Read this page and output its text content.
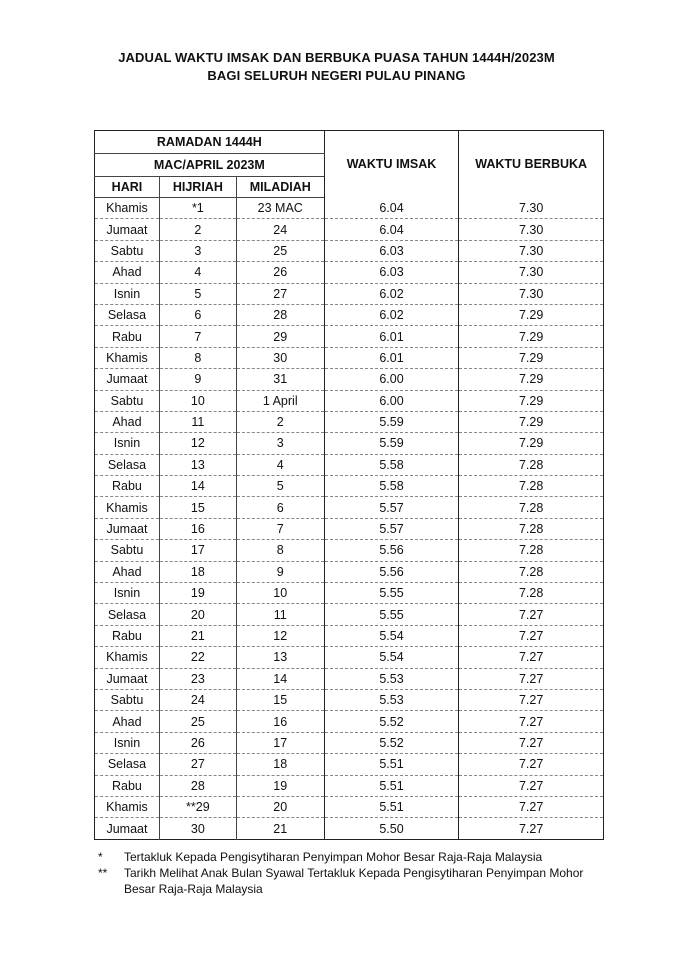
JADUAL WAKTU IMSAK DAN BERBUKA PUASA TAHUN 1444H/2023M
BAGI SELURUH NEGERI PULAU PINANG
RAMADAN 1444H			WAKTU IMSAK	WAKTU BERBUKA
MAC/APRIL 2023M				
HARI	HIJRIAH	MILADIAH		
Khamis	*1	23 MAC	6.04	7.30
Jumaat	2	24	6.04	7.30
Sabtu	3	25	6.03	7.30
Ahad	4	26	6.03	7.30
Isnin	5	27	6.02	7.30
Selasa	6	28	6.02	7.29
Rabu	7	29	6.01	7.29
Khamis	8	30	6.01	7.29
Jumaat	9	31	6.00	7.29
Sabtu	10	1 April	6.00	7.29
Ahad	11	2	5.59	7.29
Isnin	12	3	5.59	7.29
Selasa	13	4	5.58	7.28
Rabu	14	5	5.58	7.28
Khamis	15	6	5.57	7.28
Jumaat	16	7	5.57	7.28
Sabtu	17	8	5.56	7.28
Ahad	18	9	5.56	7.28
Isnin	19	10	5.55	7.28
Selasa	20	11	5.55	7.27
Rabu	21	12	5.54	7.27
Khamis	22	13	5.54	7.27
Jumaat	23	14	5.53	7.27
Sabtu	24	15	5.53	7.27
Ahad	25	16	5.52	7.27
Isnin	26	17	5.52	7.27
Selasa	27	18	5.51	7.27
Rabu	28	19	5.51	7.27
Khamis	**29	20	5.51	7.27
Jumaat	30	21	5.50	7.27
*	Tertakluk Kepada Pengisytiharan Penyimpan Mohor Besar Raja-Raja Malaysia
**	Tarikh Melihat Anak Bulan Syawal Tertakluk Kepada Pengisytiharan Penyimpan Mohor Besar Raja-Raja Malaysia
